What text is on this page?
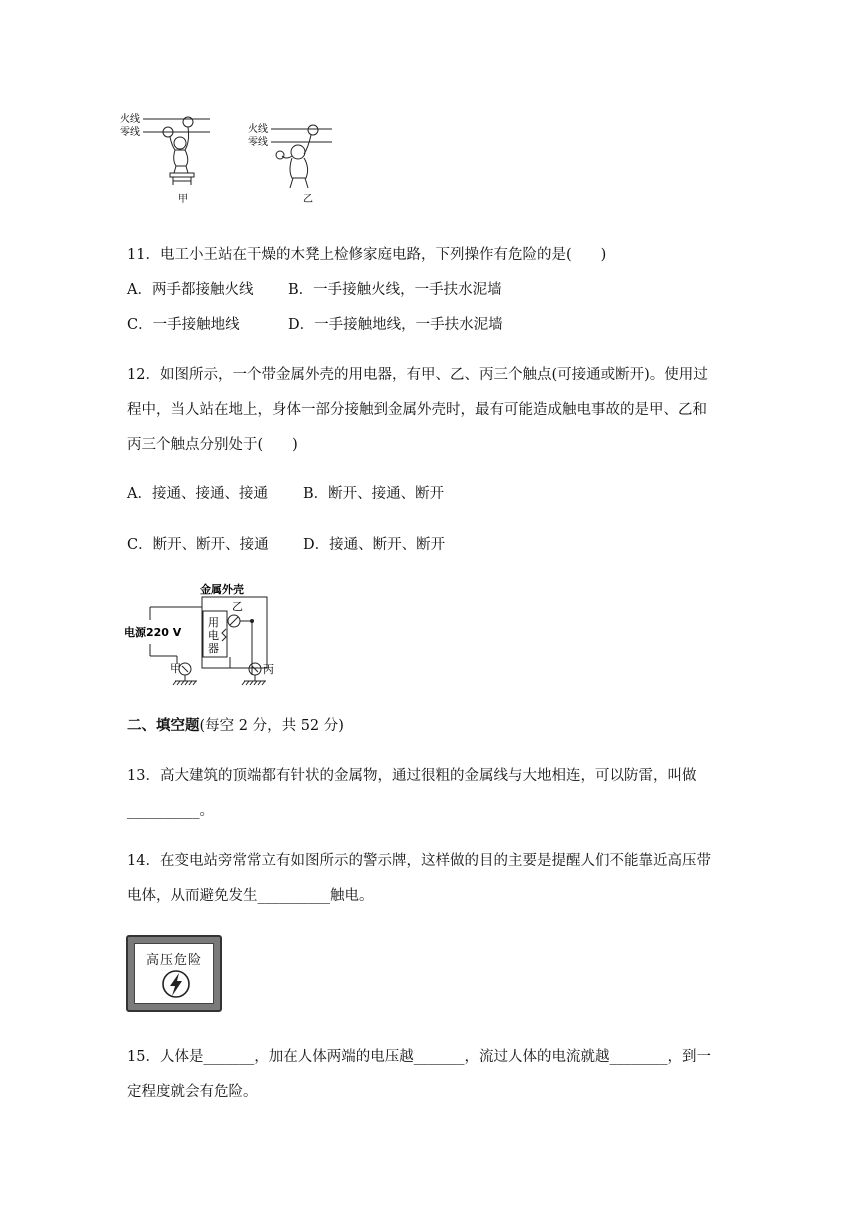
火线
零线
甲
火线
零线
乙
11．电工小王站在干燥的木凳上检修家庭电路，下列操作有危险的是(　　)
A．两手都接触火线 B．一手接触火线，一手扶水泥墙
C．一手接触地线	D．一手接触地线，一手扶水泥墙
12．如图所示，一个带金属外壳的用电器，有甲、乙、丙三个触点(可接通或断开)。使用过
程中，当人站在地上，身体一部分接触到金属外壳时，最有可能造成触电事故的是甲、乙和
丙三个触点分别处于(　　)
A．接通、接通、接通 B．断开、接通、断开
C．断开、断开、接通 D．接通、断开、断开
金属外壳
用
电
器
乙
电源220 V
甲	丙
二、填空题(每空 2 分，共 52 分)
13．高大建筑的顶端都有针状的金属物，通过很粗的金属线与大地相连，可以防雷，叫做
__________。
14．在变电站旁常常立有如图所示的警示牌，这样做的目的主要是提醒人们不能靠近高压带
电体，从而避免发生__________触电。
高压危险
15．人体是_______，加在人体两端的电压越_______，流过人体的电流就越________，到一
定程度就会有危险。
